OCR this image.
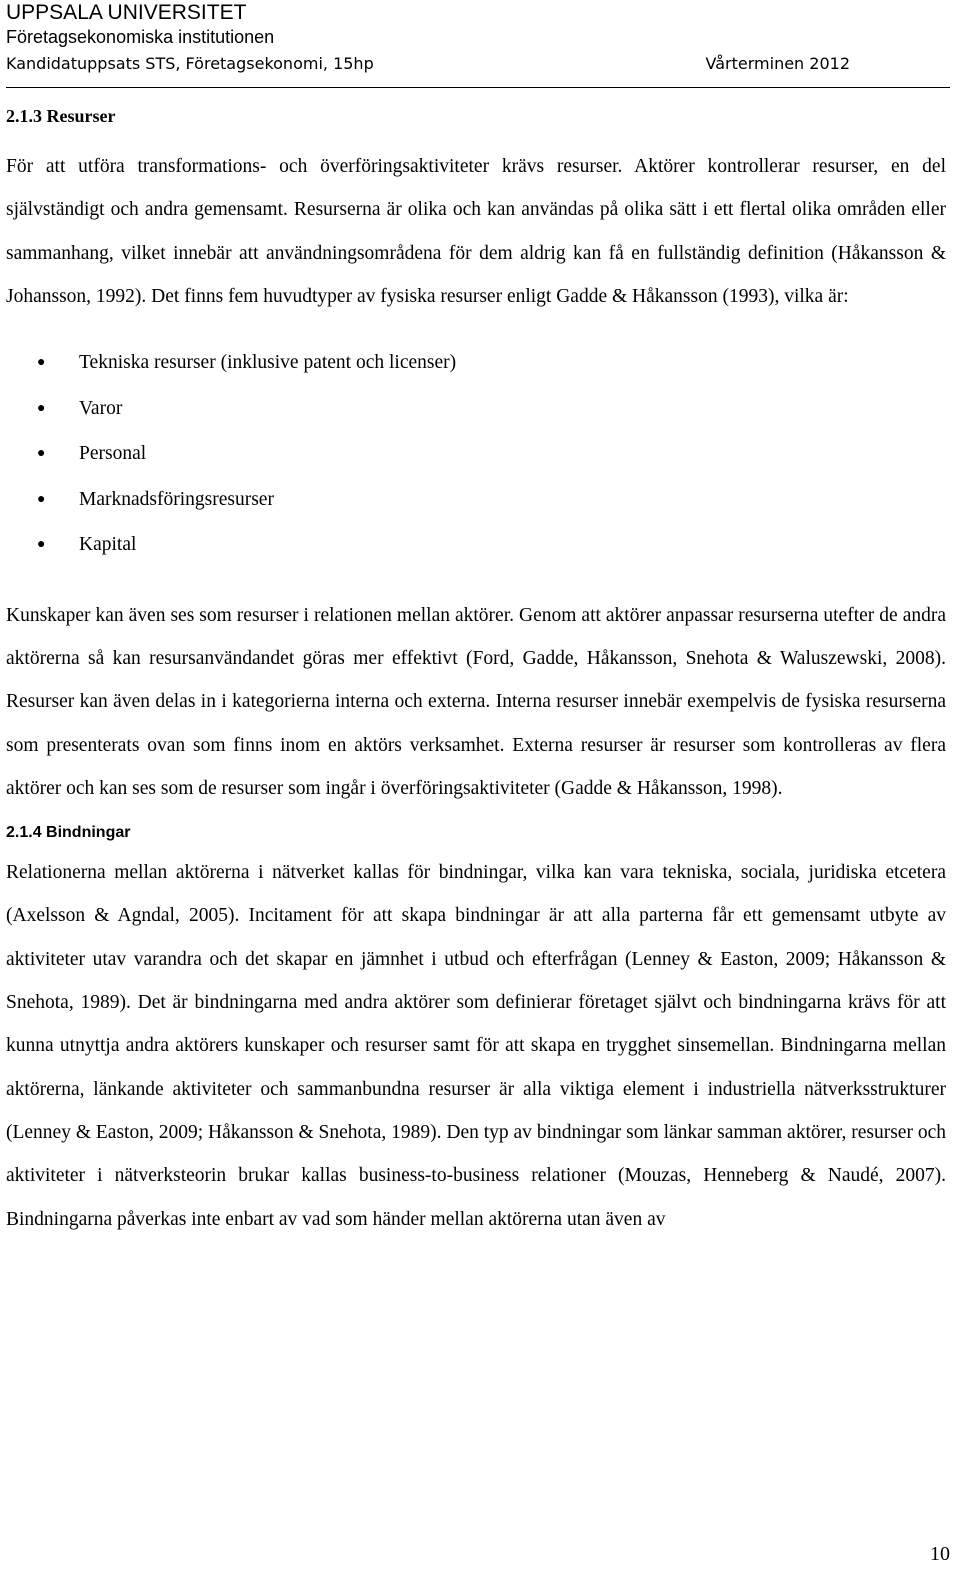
UPPSALA UNIVERSITET
Företagsekonomiska institutionen
Kandidatuppsats STS, Företagsekonomi, 15hp	Vårterminen 2012
2.1.3 Resurser

För att utföra transformations- och överföringsaktiviteter krävs resurser. Aktörer kontrollerar resurser, en del självständigt och andra gemensamt. Resurserna är olika och kan användas på olika sätt i ett flertal olika områden eller sammanhang, vilket innebär att användningsområdena för dem aldrig kan få en fullständig definition (Håkansson & Johansson, 1992). Det finns fem huvudtyper av fysiska resurser enligt Gadde & Håkansson (1993), vilka är:

● Tekniska resurser (inklusive patent och licenser)
● Varor
● Personal
● Marknadsföringsresurser
● Kapital

Kunskaper kan även ses som resurser i relationen mellan aktörer. Genom att aktörer anpassar resurserna utefter de andra aktörerna så kan resursanvändandet göras mer effektivt (Ford, Gadde, Håkansson, Snehota & Waluszewski, 2008). Resurser kan även delas in i kategorierna interna och externa. Interna resurser innebär exempelvis de fysiska resurserna som presenterats ovan som finns inom en aktörs verksamhet. Externa resurser är resurser som kontrolleras av flera aktörer och kan ses som de resurser som ingår i överföringsaktiviteter (Gadde & Håkansson, 1998).

2.1.4 Bindningar

Relationerna mellan aktörerna i nätverket kallas för bindningar, vilka kan vara tekniska, sociala, juridiska etcetera (Axelsson & Agndal, 2005). Incitament för att skapa bindningar är att alla parterna får ett gemensamt utbyte av aktiviteter utav varandra och det skapar en jämnhet i utbud och efterfrågan (Lenney & Easton, 2009; Håkansson & Snehota, 1989). Det är bindningarna med andra aktörer som definierar företaget självt och bindningarna krävs för att kunna utnyttja andra aktörers kunskaper och resurser samt för att skapa en trygghet sinsemellan. Bindningarna mellan aktörerna, länkande aktiviteter och sammanbundna resurser är alla viktiga element i industriella nätverksstrukturer (Lenney & Easton, 2009; Håkansson & Snehota, 1989). Den typ av bindningar som länkar samman aktörer, resurser och aktiviteter i nätverksteorin brukar kallas business-to-business relationer (Mouzas, Henneberg & Naudé, 2007). Bindningarna påverkas inte enbart av vad som händer mellan aktörerna utan även av

10
